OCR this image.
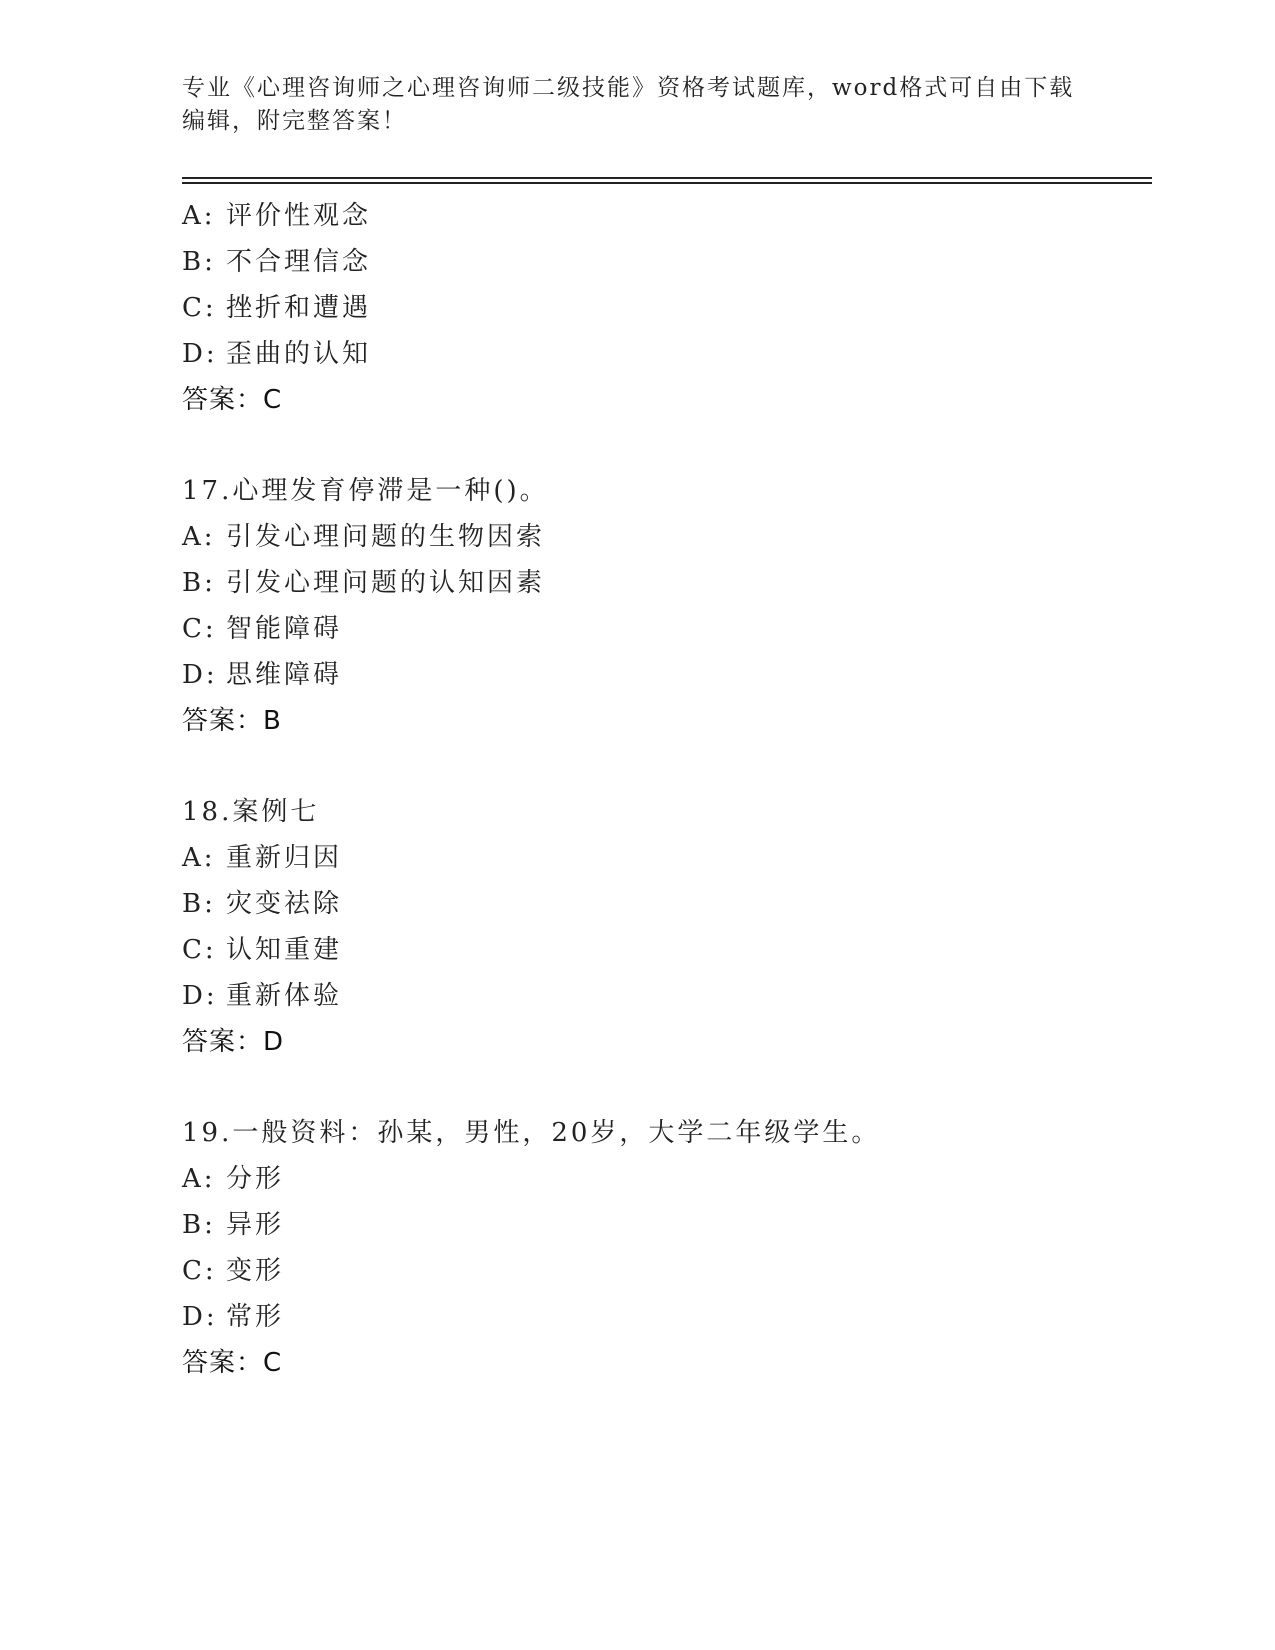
专业《心理咨询师之心理咨询师二级技能》资格考试题库，word格式可自由下载
编辑，附完整答案！
A: 评价性观念
B: 不合理信念
C: 挫折和遭遇
D: 歪曲的认知
答案：C
17.心理发育停滞是一种()。
A: 引发心理问题的生物因索
B: 引发心理问题的认知因素
C: 智能障碍
D: 思维障碍
答案：B
18.案例七
A: 重新归因
B: 灾变祛除
C: 认知重建
D: 重新体验
答案：D
19.一般资料：孙某，男性，20岁，大学二年级学生。
A: 分形
B: 异形
C: 变形
D: 常形
答案：C
